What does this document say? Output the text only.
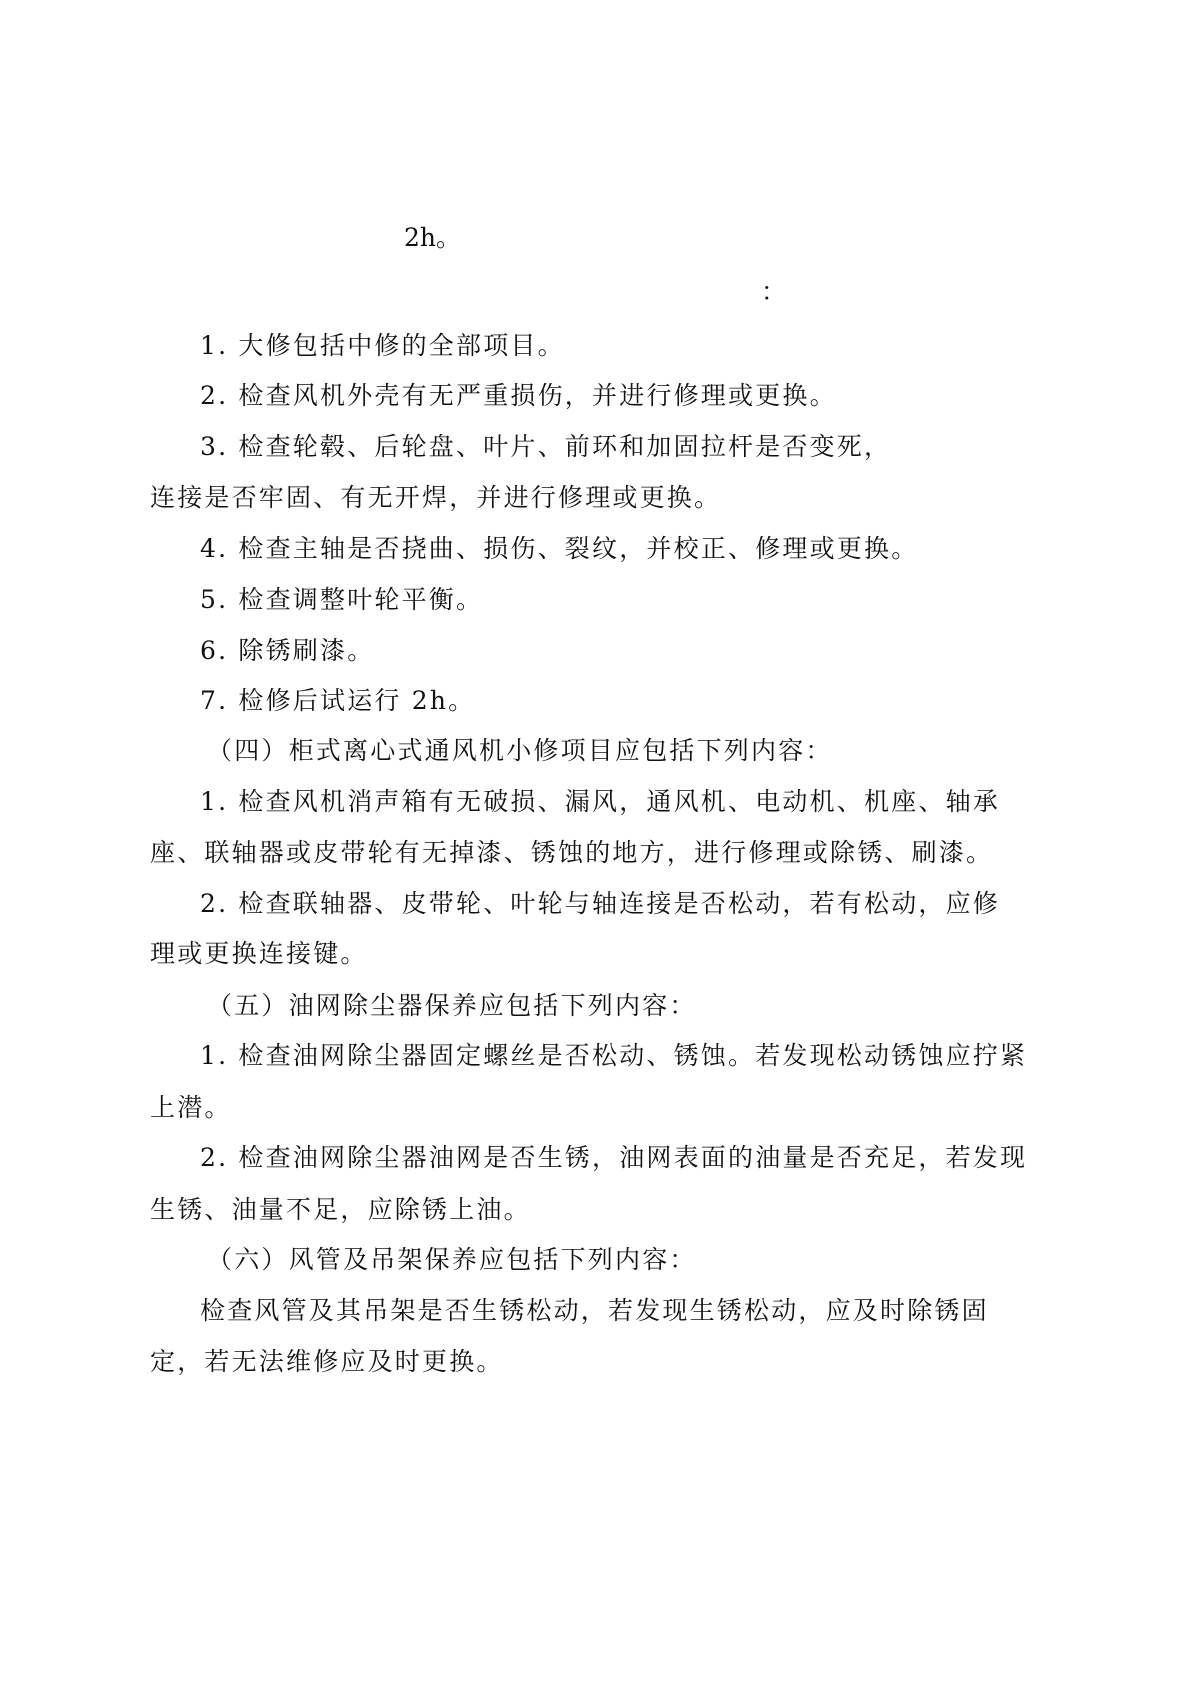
2h。
：
1. 大修包括中修的全部项目。
2. 检查风机外壳有无严重损伤，并进行修理或更换。
3. 检查轮毂、后轮盘、叶片、前环和加固拉杆是否变死，
连接是否牢固、有无开焊，并进行修理或更换。
4. 检查主轴是否挠曲、损伤、裂纹，并校正、修理或更换。
5. 检查调整叶轮平衡。
6. 除锈刷漆。
7. 检修后试运行 2h。
（四）柜式离心式通风机小修项目应包括下列内容：
1. 检查风机消声箱有无破损、漏风，通风机、电动机、机座、轴承
座、联轴器或皮带轮有无掉漆、锈蚀的地方，进行修理或除锈、刷漆。
2. 检查联轴器、皮带轮、叶轮与轴连接是否松动，若有松动，应修
理或更换连接键。
（五）油网除尘器保养应包括下列内容：
1. 检查油网除尘器固定螺丝是否松动、锈蚀。若发现松动锈蚀应拧紧
上潜。
2. 检查油网除尘器油网是否生锈，油网表面的油量是否充足，若发现
生锈、油量不足，应除锈上油。
（六）风管及吊架保养应包括下列内容：
检查风管及其吊架是否生锈松动，若发现生锈松动，应及时除锈固
定，若无法维修应及时更换。
